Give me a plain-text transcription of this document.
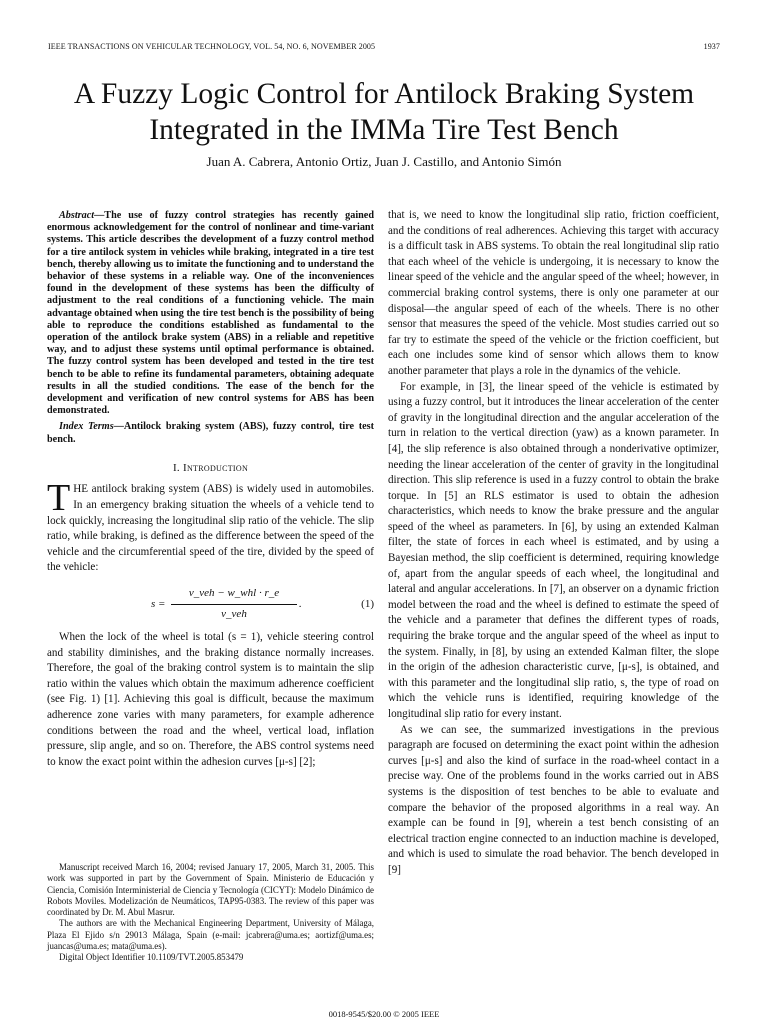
IEEE TRANSACTIONS ON VEHICULAR TECHNOLOGY, VOL. 54, NO. 6, NOVEMBER 2005	1937
A Fuzzy Logic Control for Antilock Braking System
Integrated in the IMMa Tire Test Bench
Juan A. Cabrera, Antonio Ortiz, Juan J. Castillo, and Antonio Simón

Abstract—The use of fuzzy control strategies has recently gained enormous acknowledgement for the control of nonlinear and time-variant systems. This article describes the development of a fuzzy control method for a tire antilock system in vehicles while braking, integrated in a tire test bench, thereby allowing us to imitate the functioning and to understand the behavior of these systems in a reliable way. One of the inconveniences found in the development of these systems has been the difficulty of adjustment to the real conditions of a functioning vehicle. The main advantage obtained when using the tire test bench is the possibility of being able to reproduce the conditions established as fundamental to the operation of the antilock brake system (ABS) in a reliable and repetitive way, and to adjust these systems until optimal performance is obtained. The fuzzy control system has been developed and tested in the tire test bench to be able to refine its fundamental parameters, obtaining adequate results in all the studied conditions. The ease of the bench for the development and verification of new control systems for ABS has been demonstrated.

Index Terms—Antilock braking system (ABS), fuzzy control, tire test bench.

I. Introduction

THE antilock braking system (ABS) is widely used in automobiles. In an emergency braking situation the wheels of a vehicle tend to lock quickly, increasing the longitudinal slip ratio of the vehicle. The slip ratio, while braking, is defined as the difference between the speed of the vehicle and the circumferential speed of the tire, divided by the speed of the vehicle:

s =
v_veh − w_whl · r_e
v_veh
.	(1)

When the lock of the wheel is total (s = 1), vehicle steering control and stability diminishes, and the braking distance normally increases. Therefore, the goal of the braking control system is to maintain the slip ratio within the values which obtain the maximum adherence coefficient (see Fig. 1) [1]. Achieving this goal is difficult, because the maximum adherence zone varies with many parameters, for example adherence conditions between the road and the wheel, vertical load, inflation pressure, slip angle, and so on. Therefore, the ABS control systems need to know the exact point within the adhesion curves [μ-s] [2];

that is, we need to know the longitudinal slip ratio, friction coefficient, and the conditions of real adherences. Achieving this target with accuracy is a difficult task in ABS systems. To obtain the real longitudinal slip ratio that each wheel of the vehicle is undergoing, it is necessary to know the linear speed of the vehicle and the angular speed of the wheel; however, in commercial braking control systems, there is only one parameter at our disposal—the angular speed of each of the wheels. There is no other sensor that measures the speed of the vehicle. Most studies carried out so far try to estimate the speed of the vehicle or the friction coefficient, but each one includes some kind of sensor which allows them to know another parameter that plays a role in the dynamics of the vehicle.

For example, in [3], the linear speed of the vehicle is estimated by using a fuzzy control, but it introduces the linear acceleration of the center of gravity in the longitudinal direction and the angular acceleration of the turn in relation to the vertical direction (yaw) as a known parameter. In [4], the slip reference is also obtained through a nonderivative optimizer, needing the linear acceleration of the center of gravity in the longitudinal direction. This slip reference is used in a fuzzy control to obtain the brake torque. In [5] an RLS estimator is used to obtain the adhesion characteristics, which needs to know the brake pressure and the angular speed of the wheel as parameters. In [6], by using an extended Kalman filter, the state of forces in each wheel is estimated, and by using a Bayesian method, the slip coefficient is determined, requiring knowledge of, apart from the angular speeds of each wheel, the longitudinal and lateral and angular accelerations. In [7], an observer on a dynamic friction model between the road and the wheel is defined to estimate the speed of the vehicle and a parameter that defines the different types of roads, requiring the brake torque and the angular speed of the wheel as input to the system. Finally, in [8], by using an extended Kalman filter, the slope in the origin of the adhesion characteristic curve, [μ-s], is obtained, and with this parameter and the longitudinal slip ratio, s, the type of road on which the vehicle runs is identified, requiring knowledge of the longitudinal slip ratio for every instant.

As we can see, the summarized investigations in the previous paragraph are focused on determining the exact point within the adhesion curves [μ-s] and also the kind of surface in the road-wheel contact in a precise way. One of the problems found in the works carried out in ABS systems is the disposition of test benches to be able to evaluate and compare the behavior of the proposed algorithms in a real way. An example can be found in [9], wherein a test bench consisting of an electrical traction engine connected to an induction machine is developed, and which is used to simulate the road behavior. The bench developed in [9]

Manuscript received March 16, 2004; revised January 17, 2005, March 31, 2005. This work was supported in part by the Government of Spain. Ministerio de Educación y Ciencia, Comisión Interministerial de Ciencia y Tecnología (CICYT): Modelo Dinámico de Robots Moviles. Modelización de Neumáticos, TAP95-0383. The review of this paper was coordinated by Dr. M. Abul Masrur.

The authors are with the Mechanical Engineering Department, University of Málaga, Plaza El Ejido s/n 29013 Málaga, Spain (e-mail: jcabrera@uma.es; aortizf@uma.es; juancas@uma.es; mata@uma.es).

Digital Object Identifier 10.1109/TVT.2005.853479

0018-9545/$20.00 © 2005 IEEE
